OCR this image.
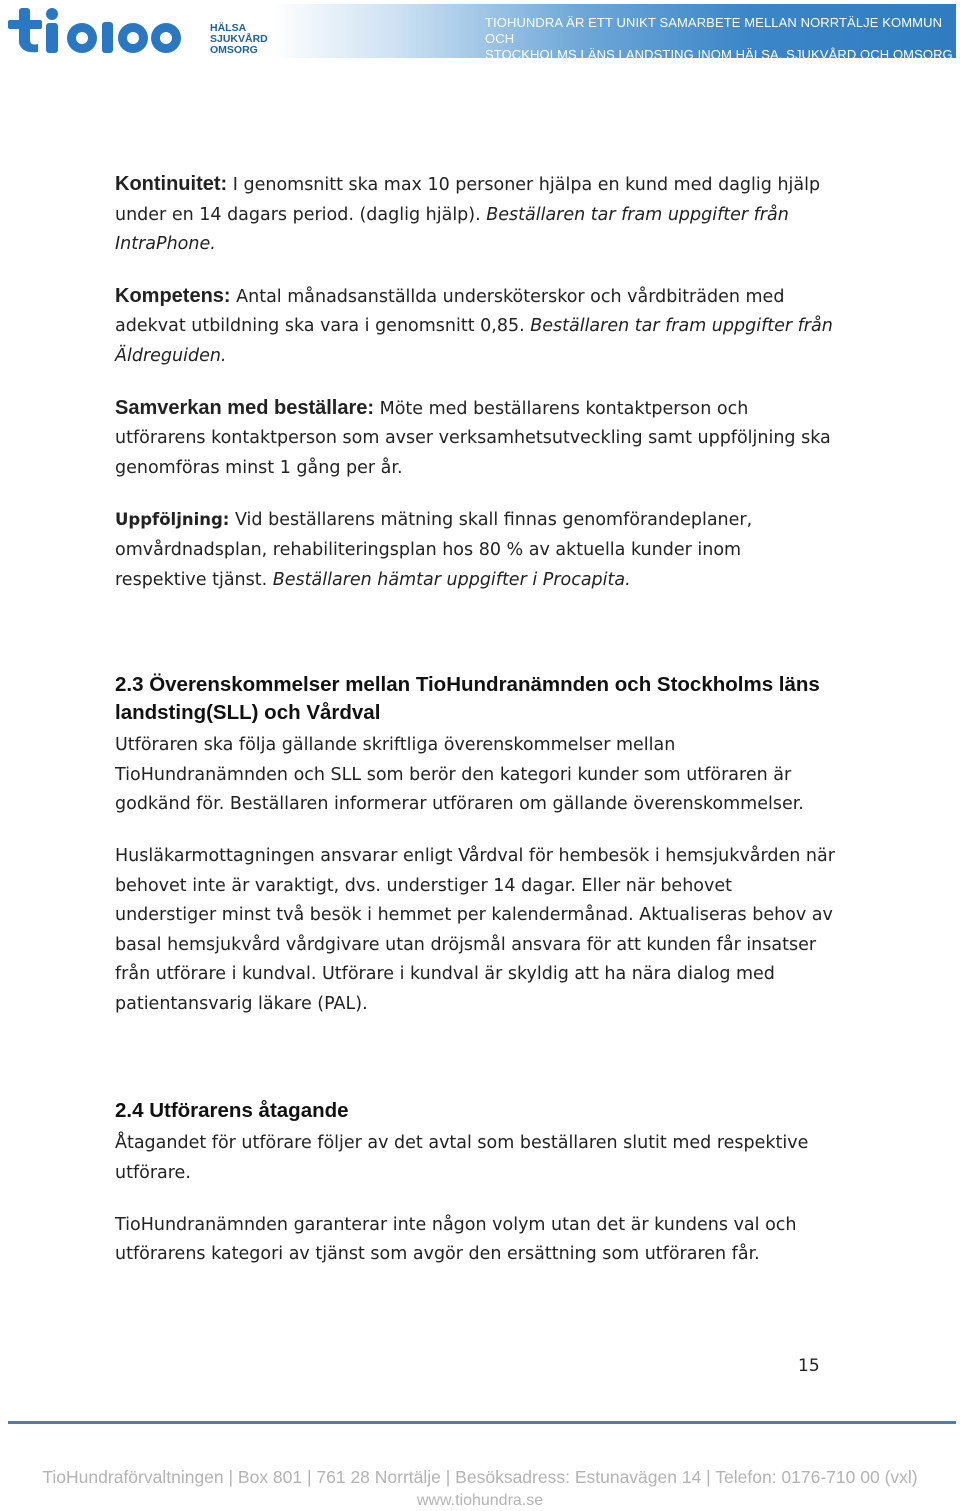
HÄLSA
SJUKVÅRD
OMSORG
TIOHUNDRA ÄR ETT UNIKT SAMARBETE MELLAN NORRTÄLJE KOMMUN OCH
STOCKHOLMS LÄNS LANDSTING INOM HÄLSA, SJUKVÅRD OCH OMSORG

Kontinuitet: I genomsnitt ska max 10 personer hjälpa en kund med daglig hjälp under en 14 dagars period. (daglig hjälp). Beställaren tar fram uppgifter från IntraPhone.

Kompetens: Antal månadsanställda undersköterskor och vårdbiträden med adekvat utbildning ska vara i genomsnitt 0,85. Beställaren tar fram uppgifter från Äldreguiden.

Samverkan med beställare: Möte med beställarens kontaktperson och utförarens kontaktperson som avser verksamhetsutveckling samt uppföljning ska genomföras minst 1 gång per år.

Uppföljning: Vid beställarens mätning skall finnas genomförandeplaner, omvårdnadsplan, rehabiliteringsplan hos 80 % av aktuella kunder inom respektive tjänst. Beställaren hämtar uppgifter i Procapita.

2.3 Överenskommelser mellan TioHundranämnden och Stockholms läns landsting(SLL) och Vårdval

Utföraren ska följa gällande skriftliga överenskommelser mellan TioHundranämnden och SLL som berör den kategori kunder som utföraren är godkänd för. Beställaren informerar utföraren om gällande överenskommelser.

Husläkarmottagningen ansvarar enligt Vårdval för hembesök i hemsjukvården när behovet inte är varaktigt, dvs. understiger 14 dagar. Eller när behovet understiger minst två besök i hemmet per kalendermånad. Aktualiseras behov av basal hemsjukvård vårdgivare utan dröjsmål ansvara för att kunden får insatser från utförare i kundval. Utförare i kundval är skyldig att ha nära dialog med patientansvarig läkare (PAL).

2.4 Utförarens åtagande

Åtagandet för utförare följer av det avtal som beställaren slutit med respektive utförare.

TioHundranämnden garanterar inte någon volym utan det är kundens val och utförarens kategori av tjänst som avgör den ersättning som utföraren får.

15
TioHundraförvaltningen | Box 801 | 761 28 Norrtälje | Besöksadress: Estunavägen 14 | Telefon: 0176-710 00 (vxl)
www.tiohundra.se
